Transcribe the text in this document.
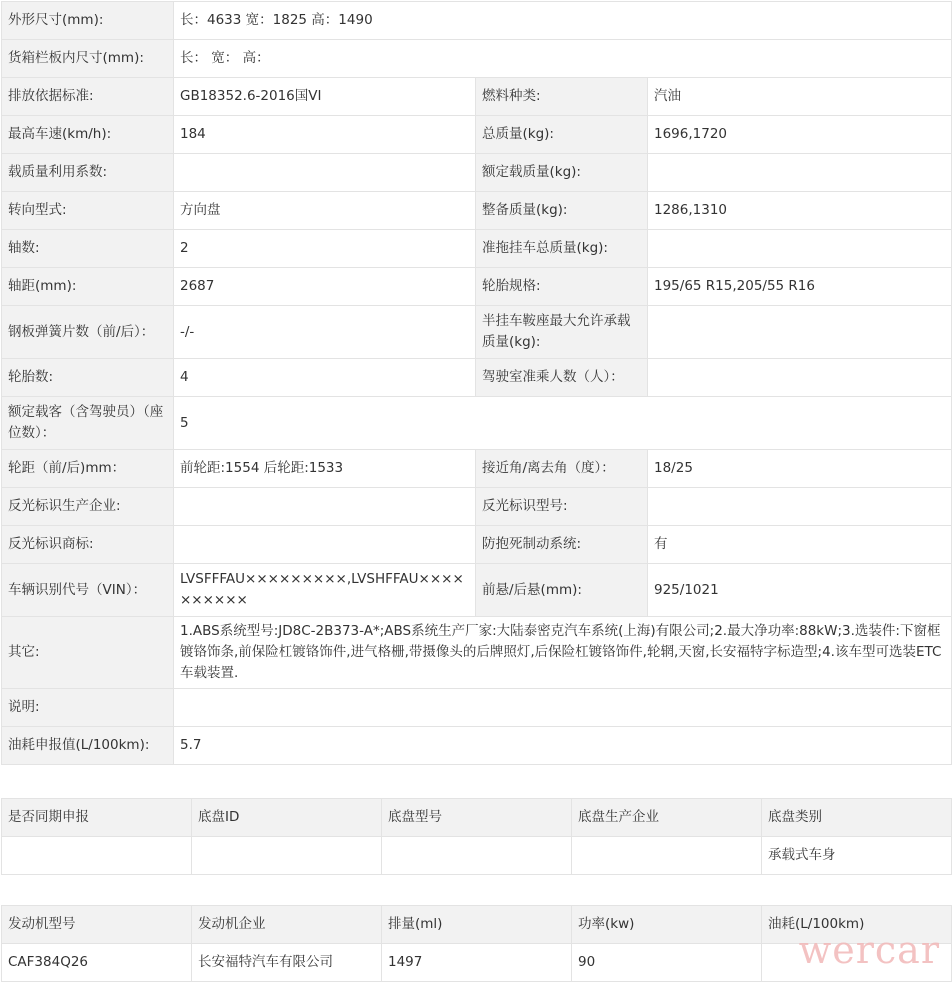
外形尺寸(mm):	长：4633 宽：1825 高：1490		
货箱栏板内尺寸(mm):	长： 宽： 高：		
排放依据标准:	GB18352.6-2016国VI	燃料种类:	汽油
最高车速(km/h):	184	总质量(kg):	1696,1720
载质量利用系数:		额定载质量(kg):	
转向型式:	方向盘	整备质量(kg):	1286,1310
轴数:	2	准拖挂车总质量(kg):	
轴距(mm):	2687	轮胎规格:	195/65 R15,205/55 R16
钢板弹簧片数（前/后）：	-/-	半挂车鞍座最大允许承载质量(kg):	
轮胎数:	4	驾驶室准乘人数（人）：	
额定载客（含驾驶员）（座位数）：	5		
轮距（前/后)mm：	前轮距:1554 后轮距:1533	接近角/离去角（度）：	18/25
反光标识生产企业:		反光标识型号:	
反光标识商标:		防抱死制动系统:	有
车辆识别代号（VIN）：	LVSFFFAU×××××××××,LVSHFFAU××××××××××	前悬/后悬(mm):	925/1021
其它:	1.ABS系统型号:JD8C-2B373-A*;ABS系统生产厂家:大陆泰密克汽车系统(上海)有限公司;2.最大净功率:88kW;3.选装件:下窗框镀铬饰条,前保险杠镀铬饰件,进气格栅,带摄像头的后牌照灯,后保险杠镀铬饰件,轮辋,天窗,长安福特字标造型;4.该车型可选装ETC车载装置.		
说明:			
油耗申报值(L/100km):	5.7		
是否同期申报	底盘ID	底盘型号	底盘生产企业	底盘类别
				承载式车身
发动机型号	发动机企业	排量(ml)	功率(kw)	油耗(L/100km)
CAF384Q26	长安福特汽车有限公司	1497	90		wercar
